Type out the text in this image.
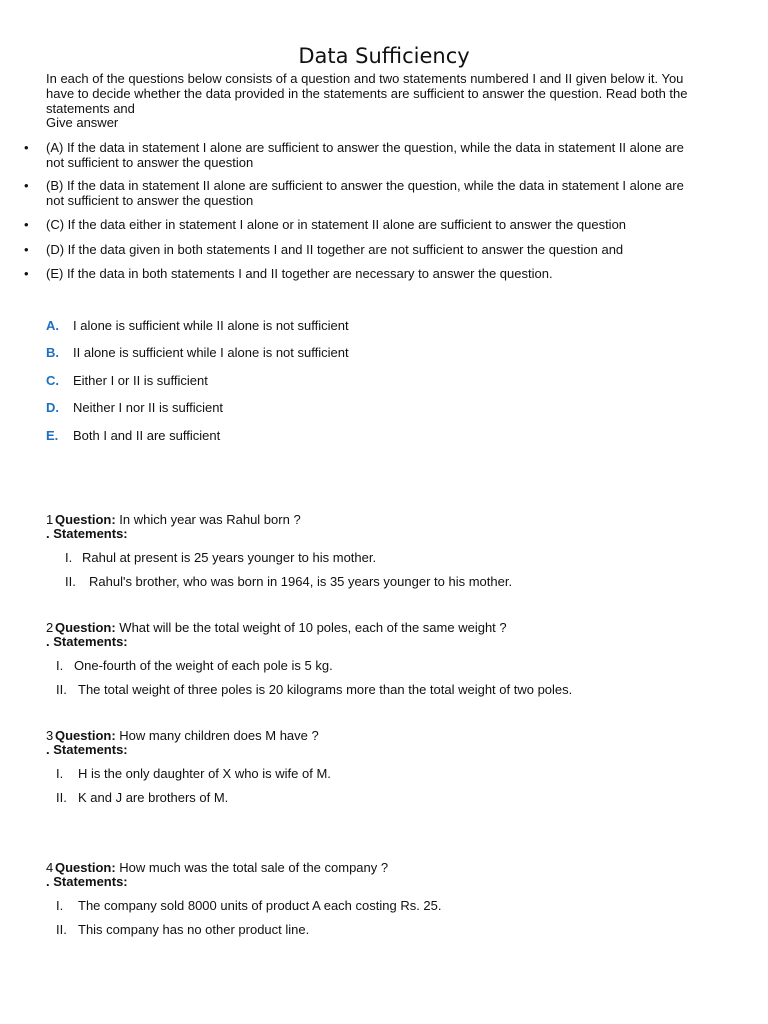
Data Sufficiency
In each of the questions below consists of a question and two statements numbered I and II given below it. You
have to decide whether the data provided in the statements are sufficient to answer the question. Read both the
statements and
Give answer
• (A) If the data in statement I alone are sufficient to answer the question, while the data in statement II alone are
not sufficient to answer the question
• (B) If the data in statement II alone are sufficient to answer the question, while the data in statement I alone are
not sufficient to answer the question
• (C) If the data either in statement I alone or in statement II alone are sufficient to answer the question
• (D) If the data given in both statements I and II together are not sufficient to answer the question and
• (E) If the data in both statements I and II together are necessary to answer the question.
A. I alone is sufficient while II alone is not sufficient
B. II alone is sufficient while I alone is not sufficient
C. Either I or II is sufficient
D. Neither I nor II is sufficient
E. Both I and II are sufficient
1 Question: In which year was Rahul born ?
. Statements:
I. Rahul at present is 25 years younger to his mother.
II. Rahul's brother, who was born in 1964, is 35 years younger to his mother.
2 Question: What will be the total weight of 10 poles, each of the same weight ?
. Statements:
I. One-fourth of the weight of each pole is 5 kg.
II. The total weight of three poles is 20 kilograms more than the total weight of two poles.
3 Question: How many children does M have ?
. Statements:
I. H is the only daughter of X who is wife of M.
II. K and J are brothers of M.
4 Question: How much was the total sale of the company ?
. Statements:
I. The company sold 8000 units of product A each costing Rs. 25.
II. This company has no other product line.
